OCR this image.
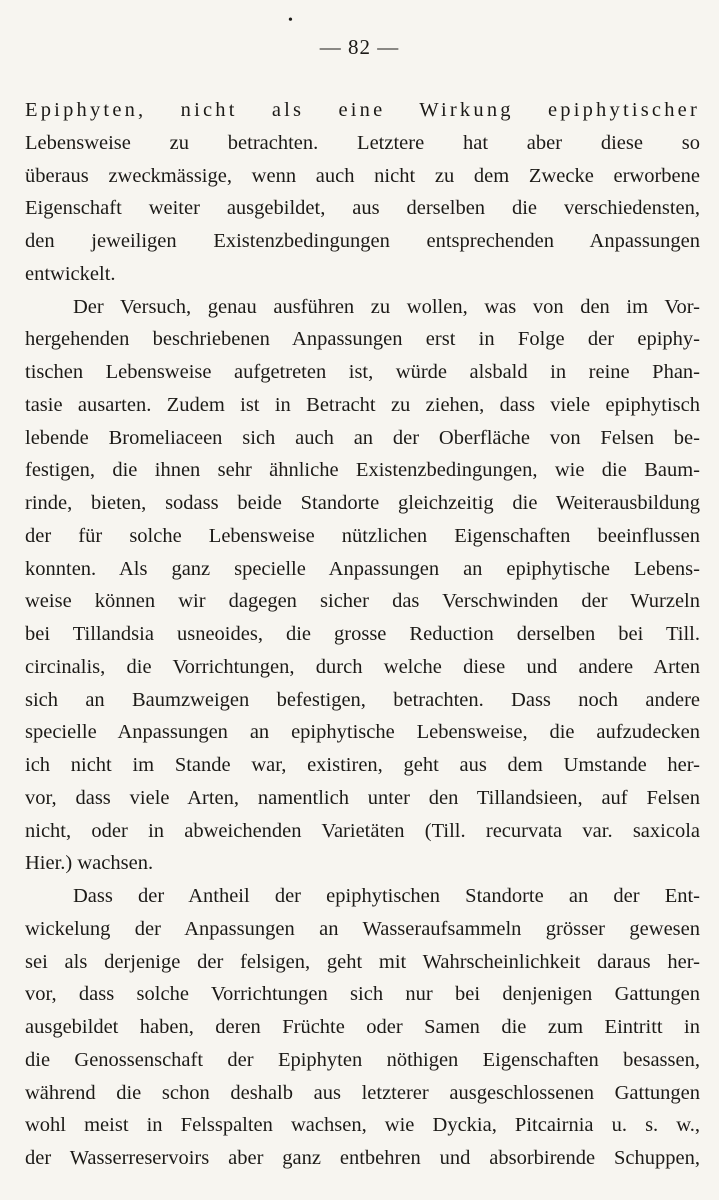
•
— 82 —
Epiphyten, nicht als eine Wirkung epiphytischer
Lebensweise zu betrachten. Letztere hat aber diese so
überaus zweckmässige, wenn auch nicht zu dem Zwecke erworbene
Eigenschaft weiter ausgebildet, aus derselben die verschiedensten,
den jeweiligen Existenzbedingungen entsprechenden Anpassungen
entwickelt.
Der Versuch, genau ausführen zu wollen, was von den im Vor-
hergehenden beschriebenen Anpassungen erst in Folge der epiphy-
tischen Lebensweise aufgetreten ist, würde alsbald in reine Phan-
tasie ausarten. Zudem ist in Betracht zu ziehen, dass viele epiphytisch
lebende Bromeliaceen sich auch an der Oberfläche von Felsen be-
festigen, die ihnen sehr ähnliche Existenzbedingungen, wie die Baum-
rinde, bieten, sodass beide Standorte gleichzeitig die Weiterausbildung
der für solche Lebensweise nützlichen Eigenschaften beeinflussen
konnten. Als ganz specielle Anpassungen an epiphytische Lebens-
weise können wir dagegen sicher das Verschwinden der Wurzeln
bei Tillandsia usneoides, die grosse Reduction derselben bei Till.
circinalis, die Vorrichtungen, durch welche diese und andere Arten
sich an Baumzweigen befestigen, betrachten. Dass noch andere
specielle Anpassungen an epiphytische Lebensweise, die aufzudecken
ich nicht im Stande war, existiren, geht aus dem Umstande her-
vor, dass viele Arten, namentlich unter den Tillandsieen, auf Felsen
nicht, oder in abweichenden Varietäten (Till. recurvata var. saxicola
Hier.) wachsen.
Dass der Antheil der epiphytischen Standorte an der Ent-
wickelung der Anpassungen an Wasseraufsammeln grösser gewesen
sei als derjenige der felsigen, geht mit Wahrscheinlichkeit daraus her-
vor, dass solche Vorrichtungen sich nur bei denjenigen Gattungen
ausgebildet haben, deren Früchte oder Samen die zum Eintritt in
die Genossenschaft der Epiphyten nöthigen Eigenschaften besassen,
während die schon deshalb aus letzterer ausgeschlossenen Gattungen
wohl meist in Felsspalten wachsen, wie Dyckia, Pitcairnia u. s. w.,
der Wasserreservoirs aber ganz entbehren und absorbirende Schuppen,
